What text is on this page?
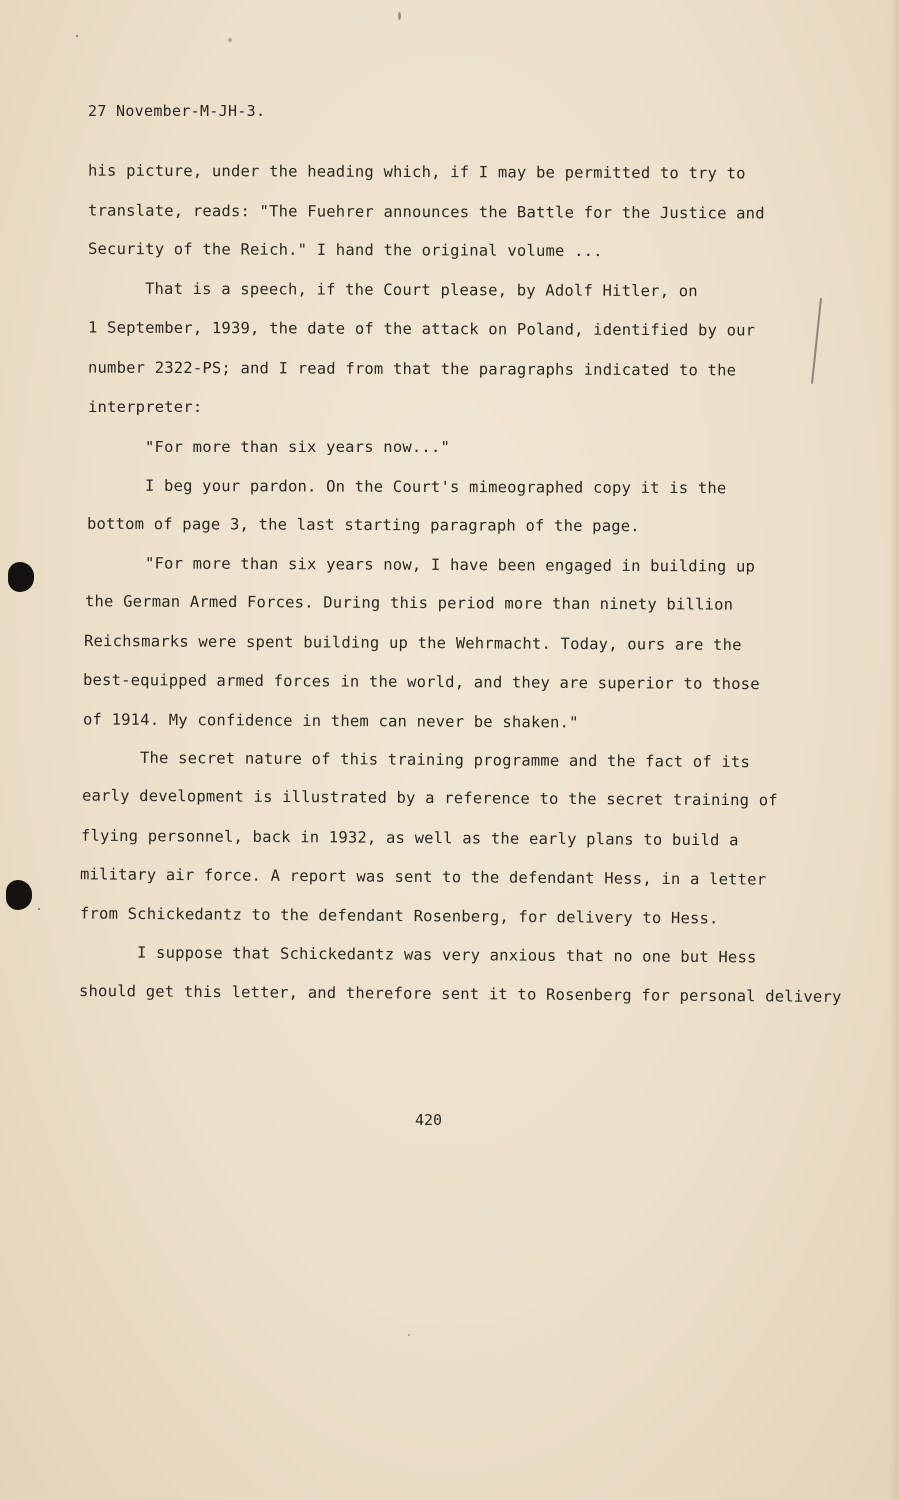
27 November-M-JH-3.
his picture, under the heading which, if I may be permitted to try to
translate, reads: "The Fuehrer announces the Battle for the Justice and
Security of the Reich." I hand the original volume ...
That is a speech, if the Court please, by Adolf Hitler, on
1 September, 1939, the date of the attack on Poland, identified by our
number 2322-PS; and I read from that the paragraphs indicated to the
interpreter:
"For more than six years now..."
I beg your pardon. On the Court's mimeographed copy it is the
bottom of page 3, the last starting paragraph of the page.
"For more than six years now, I have been engaged in building up
the German Armed Forces. During this period more than ninety billion
Reichsmarks were spent building up the Wehrmacht. Today, ours are the
best-equipped armed forces in the world, and they are superior to those
of 1914. My confidence in them can never be shaken."
The secret nature of this training programme and the fact of its
early development is illustrated by a reference to the secret training of
flying personnel, back in 1932, as well as the early plans to build a
military air force. A report was sent to the defendant Hess, in a letter
from Schickedantz to the defendant Rosenberg, for delivery to Hess.
I suppose that Schickedantz was very anxious that no one but Hess
should get this letter, and therefore sent it to Rosenberg for personal delivery
420
